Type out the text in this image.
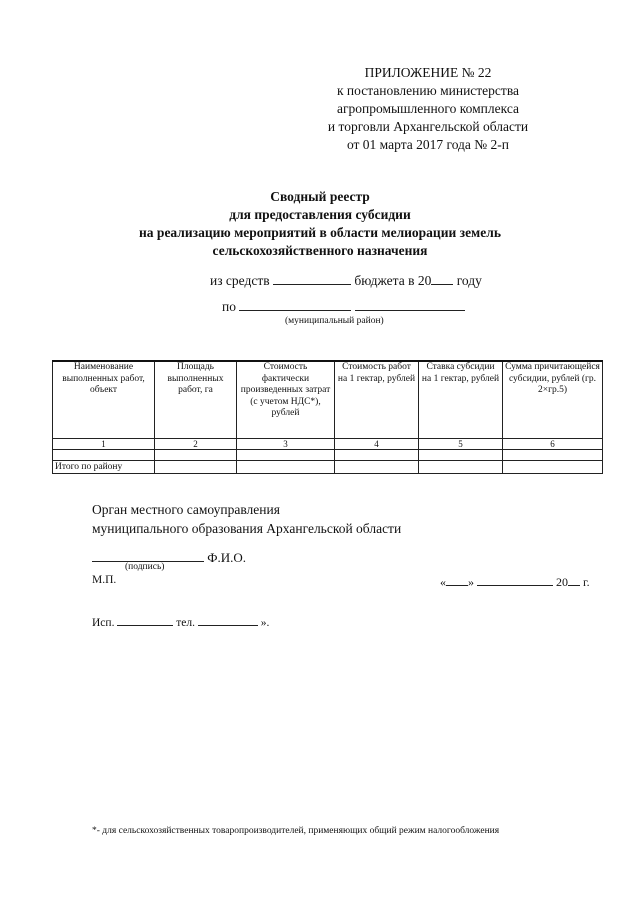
ПРИЛОЖЕНИЕ № 22
к постановлению министерства
агропромышленного комплекса
и торговли Архангельской области
от 01 марта 2017 года № 2-п
Сводный реестр
для предоставления субсидии
на реализацию мероприятий в области мелиорации земель
сельскохозяйственного назначения
из средств	бюджета в 20 году
по
(муниципальный район)
Наименование выполненных работ, объект	Площадь выполненных работ, га	Стоимость фактически произведенных затрат (с учетом НДС*), рублей	Стоимость работ на 1 гектар, рублей	Ставка субсидии на 1 гектар, рублей	Сумма причитающейся субсидии, рублей (гр. 2×гр.5)
1	2	3	4	5	6

Итого по району					
Орган местного самоуправления
муниципального образования Архангельской области
Ф.И.О.
(подпись)
М.П.	« »	20 г.
Исп.	тел.	».
*- для сельскохозяйственных товаропроизводителей, применяющих общий режим налогообложения
